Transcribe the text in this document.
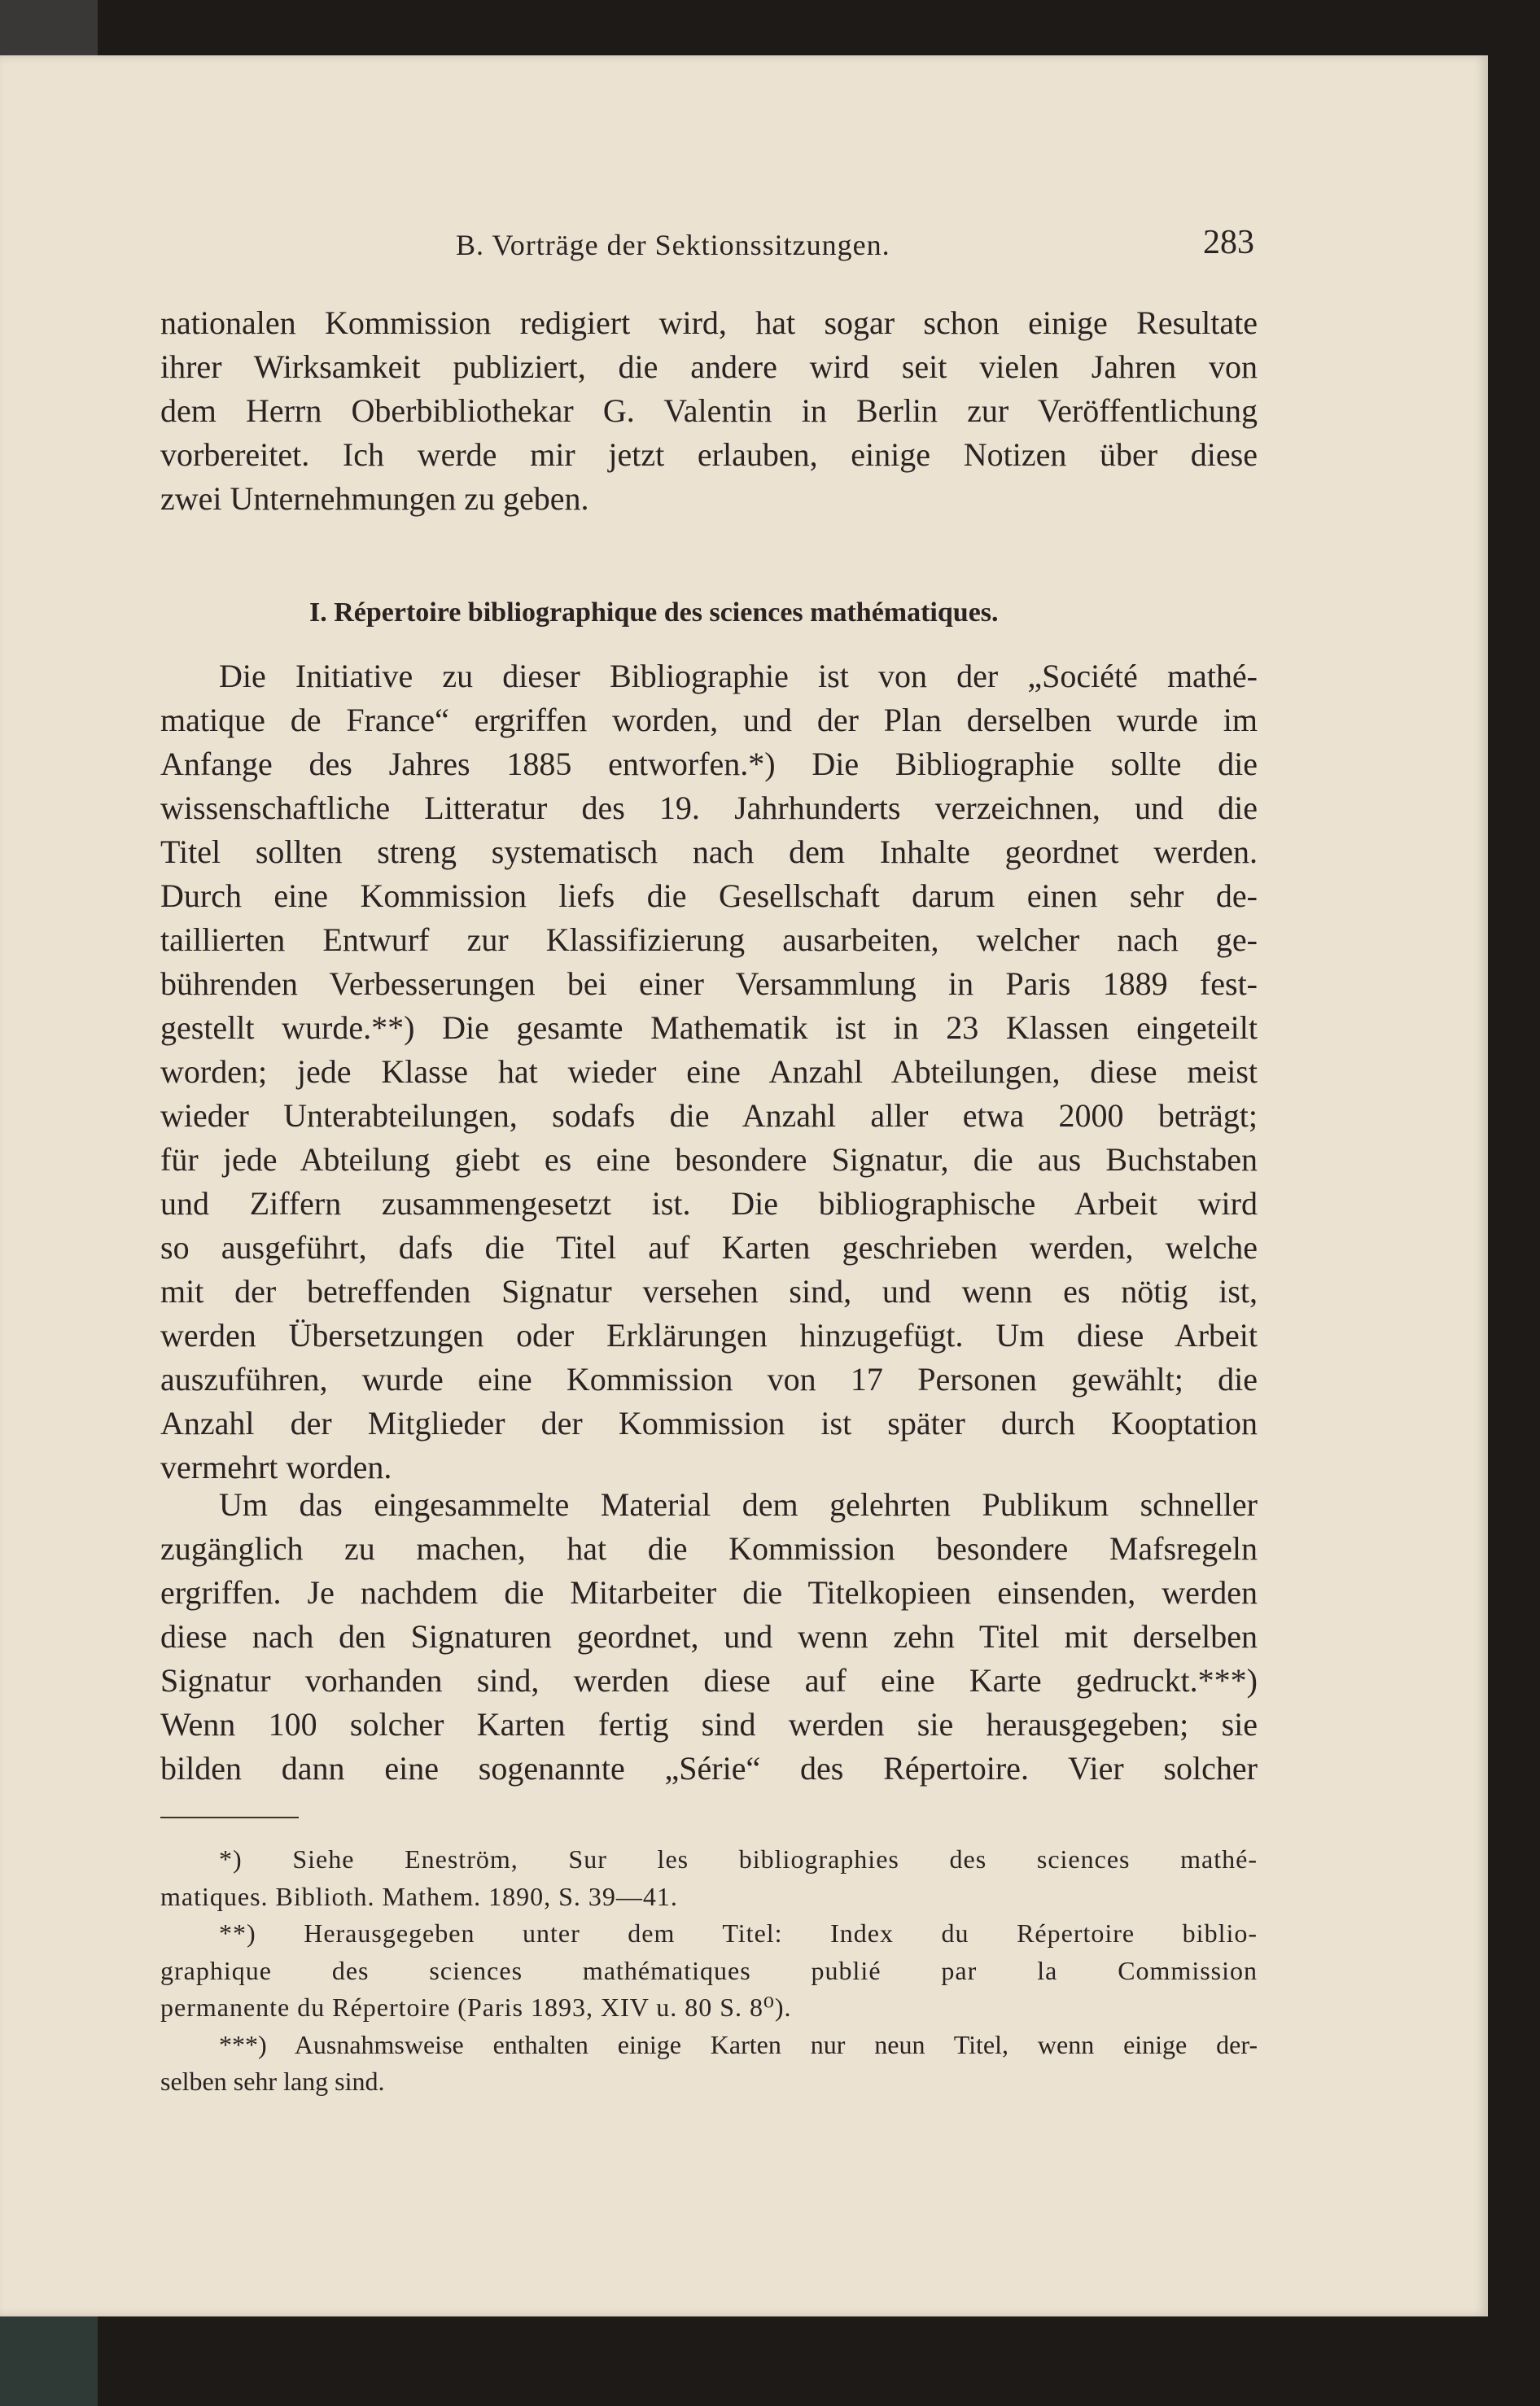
B. Vorträge der Sektionssitzungen.	283
nationalen Kommission redigiert wird, hat sogar schon einige Resultate
ihrer Wirksamkeit publiziert, die andere wird seit vielen Jahren von
dem Herrn Oberbibliothekar G. Valentin in Berlin zur Veröffentlichung
vorbereitet. Ich werde mir jetzt erlauben, einige Notizen über diese
zwei Unternehmungen zu geben.
I. Répertoire bibliographique des sciences mathématiques.
Die Initiative zu dieser Bibliographie ist von der „Société mathé-
matique de France“ ergriffen worden, und der Plan derselben wurde im
Anfange des Jahres 1885 entworfen.*) Die Bibliographie sollte die
wissenschaftliche Litteratur des 19. Jahrhunderts verzeichnen, und die
Titel sollten streng systematisch nach dem Inhalte geordnet werden.
Durch eine Kommission liefs die Gesellschaft darum einen sehr de-
taillierten Entwurf zur Klassifizierung ausarbeiten, welcher nach ge-
bührenden Verbesserungen bei einer Versammlung in Paris 1889 fest-
gestellt wurde.**) Die gesamte Mathematik ist in 23 Klassen eingeteilt
worden; jede Klasse hat wieder eine Anzahl Abteilungen, diese meist
wieder Unterabteilungen, sodafs die Anzahl aller etwa 2000 beträgt;
für jede Abteilung giebt es eine besondere Signatur, die aus Buchstaben
und Ziffern zusammengesetzt ist. Die bibliographische Arbeit wird
so ausgeführt, dafs die Titel auf Karten geschrieben werden, welche
mit der betreffenden Signatur versehen sind, und wenn es nötig ist,
werden Übersetzungen oder Erklärungen hinzugefügt. Um diese Arbeit
auszuführen, wurde eine Kommission von 17 Personen gewählt; die
Anzahl der Mitglieder der Kommission ist später durch Kooptation
vermehrt worden.
Um das eingesammelte Material dem gelehrten Publikum schneller
zugänglich zu machen, hat die Kommission besondere Mafsregeln
ergriffen. Je nachdem die Mitarbeiter die Titelkopieen einsenden, werden
diese nach den Signaturen geordnet, und wenn zehn Titel mit derselben
Signatur vorhanden sind, werden diese auf eine Karte gedruckt.***)
Wenn 100 solcher Karten fertig sind werden sie herausgegeben; sie
bilden dann eine sogenannte „Série“ des Répertoire. Vier solcher
*) Siehe Eneström, Sur les bibliographies des sciences mathé-
matiques. Biblioth. Mathem. 1890, S. 39—41.
**) Herausgegeben unter dem Titel: Index du Répertoire biblio-
graphique des sciences mathématiques publié par la Commission
permanente du Répertoire (Paris 1893, XIV u. 80 S. 8⁰).
***) Ausnahmsweise enthalten einige Karten nur neun Titel, wenn einige der-
selben sehr lang sind.
